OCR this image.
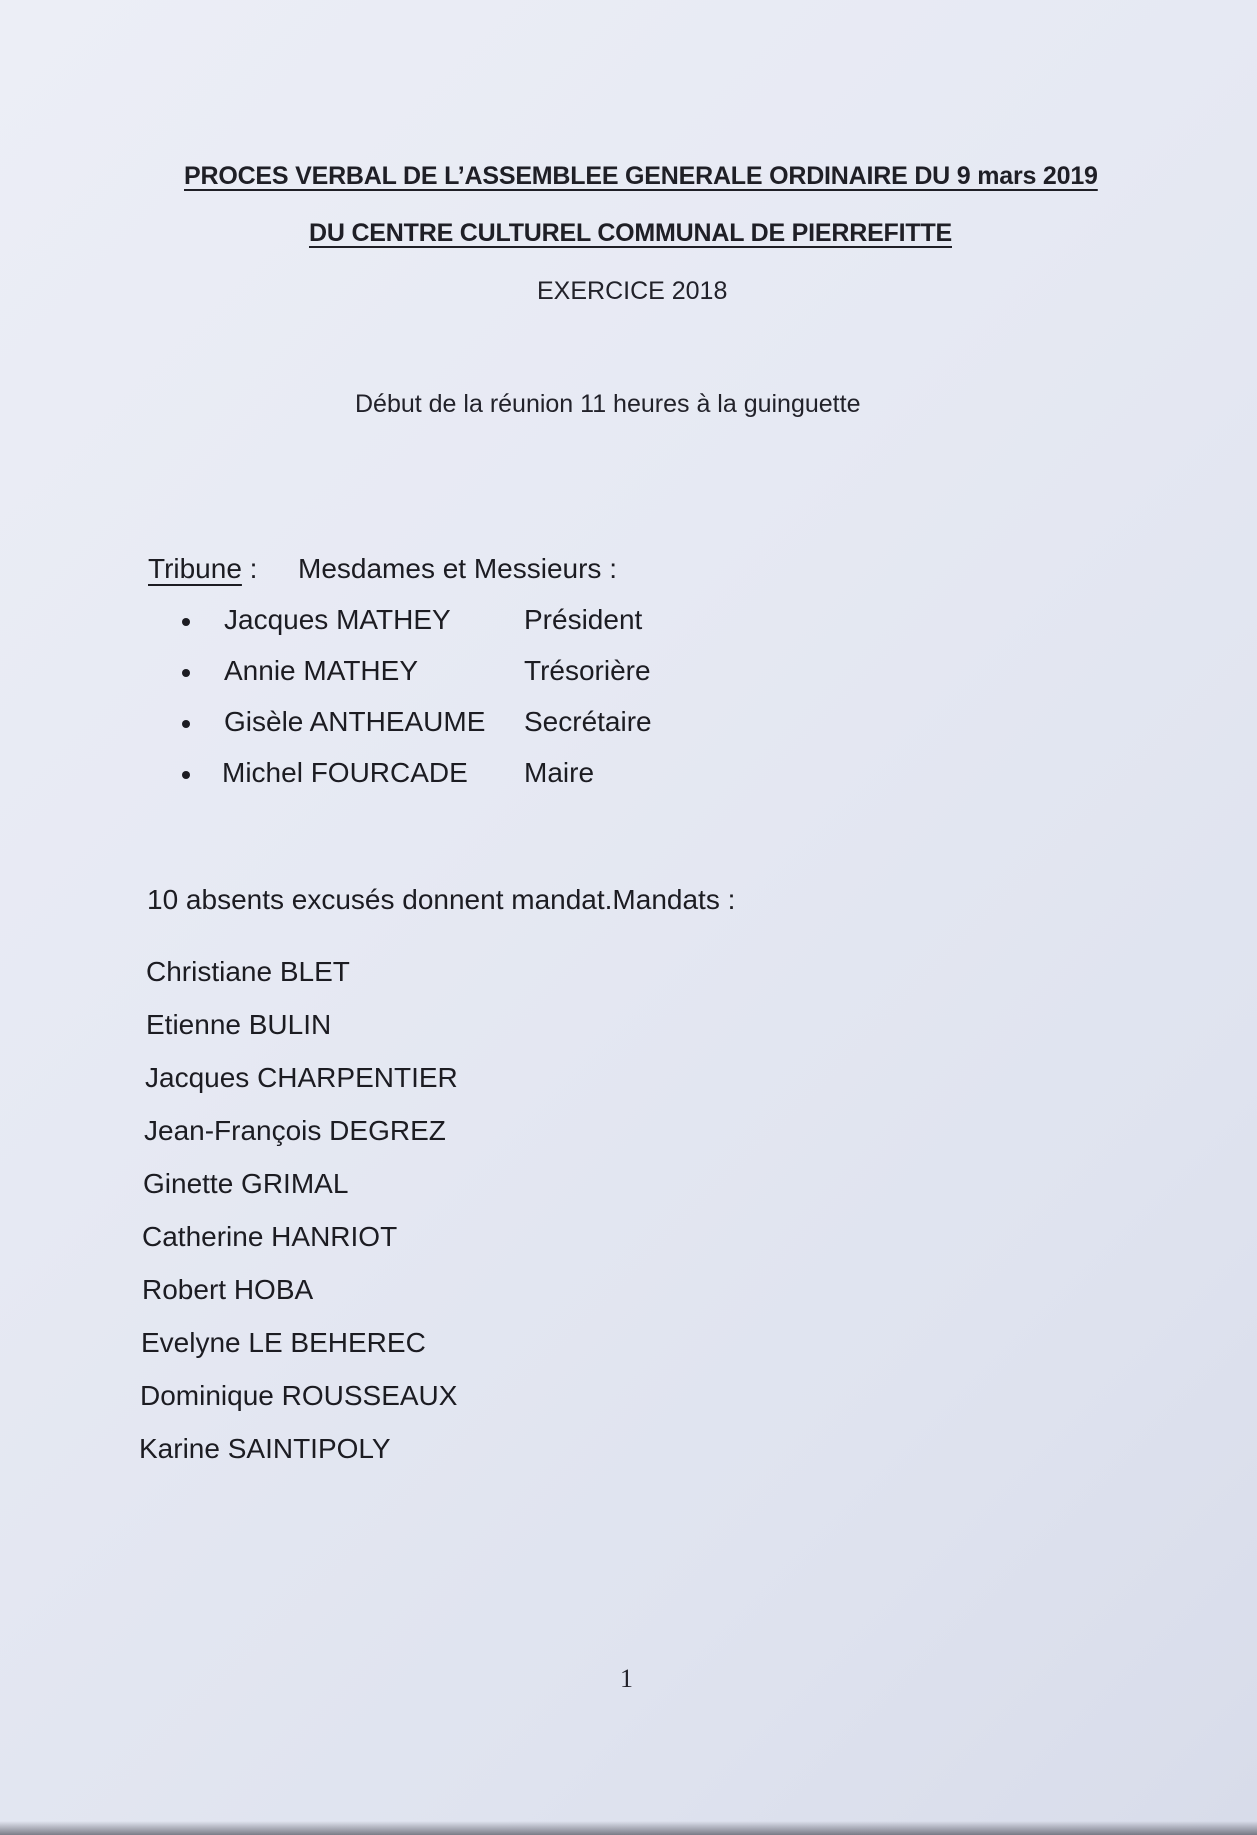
PROCES VERBAL DE L’ASSEMBLEE GENERALE ORDINAIRE DU 9 mars 2019
DU CENTRE CULTUREL COMMUNAL DE PIERREFITTE
EXERCICE 2018
Début de la réunion 11 heures à la guinguette
Tribune : Mesdames et Messieurs :
Jacques MATHEY	Président
Annie MATHEY	Trésorière
Gisèle ANTHEAUME Secrétaire
Michel FOURCADE Maire
10 absents excusés donnent mandat.Mandats :
Christiane BLET
Etienne BULIN
Jacques CHARPENTIER
Jean-François DEGREZ
Ginette GRIMAL
Catherine HANRIOT
Robert HOBA
Evelyne LE BEHEREC
Dominique ROUSSEAUX
Karine SAINTIPOLY
1
